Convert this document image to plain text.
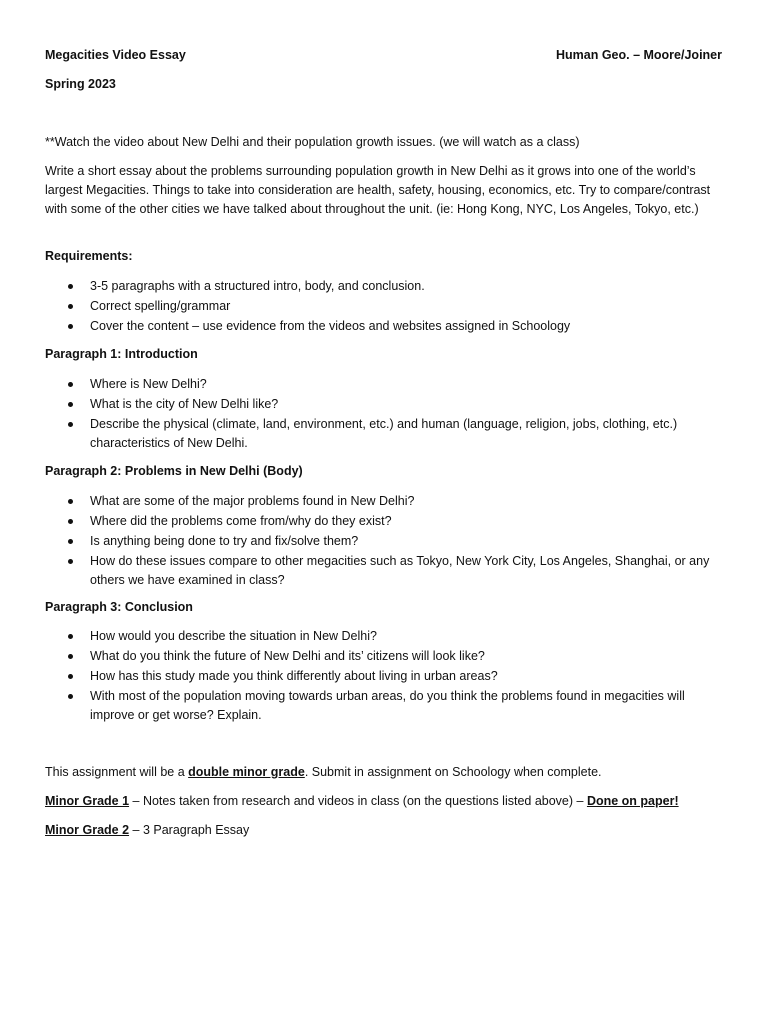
Megacities Video Essay	Human Geo. – Moore/Joiner
Spring 2023

**Watch the video about New Delhi and their population growth issues. (we will watch as a class)

Write a short essay about the problems surrounding population growth in New Delhi as it grows into one of the world’s largest Megacities. Things to take into consideration are health, safety, housing, economics, etc. Try to compare/contrast with some of the other cities we have talked about throughout the unit. (ie: Hong Kong, NYC, Los Angeles, Tokyo, etc.)

Requirements:
3-5 paragraphs with a structured intro, body, and conclusion.
Correct spelling/grammar
Cover the content – use evidence from the videos and websites assigned in Schoology
Paragraph 1: Introduction
Where is New Delhi?
What is the city of New Delhi like?
Describe the physical (climate, land, environment, etc.) and human (language, religion, jobs, clothing, etc.) characteristics of New Delhi.
Paragraph 2: Problems in New Delhi (Body)
What are some of the major problems found in New Delhi?
Where did the problems come from/why do they exist?
Is anything being done to try and fix/solve them?
How do these issues compare to other megacities such as Tokyo, New York City, Los Angeles, Shanghai, or any others we have examined in class?
Paragraph 3: Conclusion
How would you describe the situation in New Delhi?
What do you think the future of New Delhi and its’ citizens will look like?
How has this study made you think differently about living in urban areas?
With most of the population moving towards urban areas, do you think the problems found in megacities will improve or get worse? Explain.

This assignment will be a double minor grade. Submit in assignment on Schoology when complete.

Minor Grade 1 – Notes taken from research and videos in class (on the questions listed above) – Done on paper!

Minor Grade 2 – 3 Paragraph Essay
